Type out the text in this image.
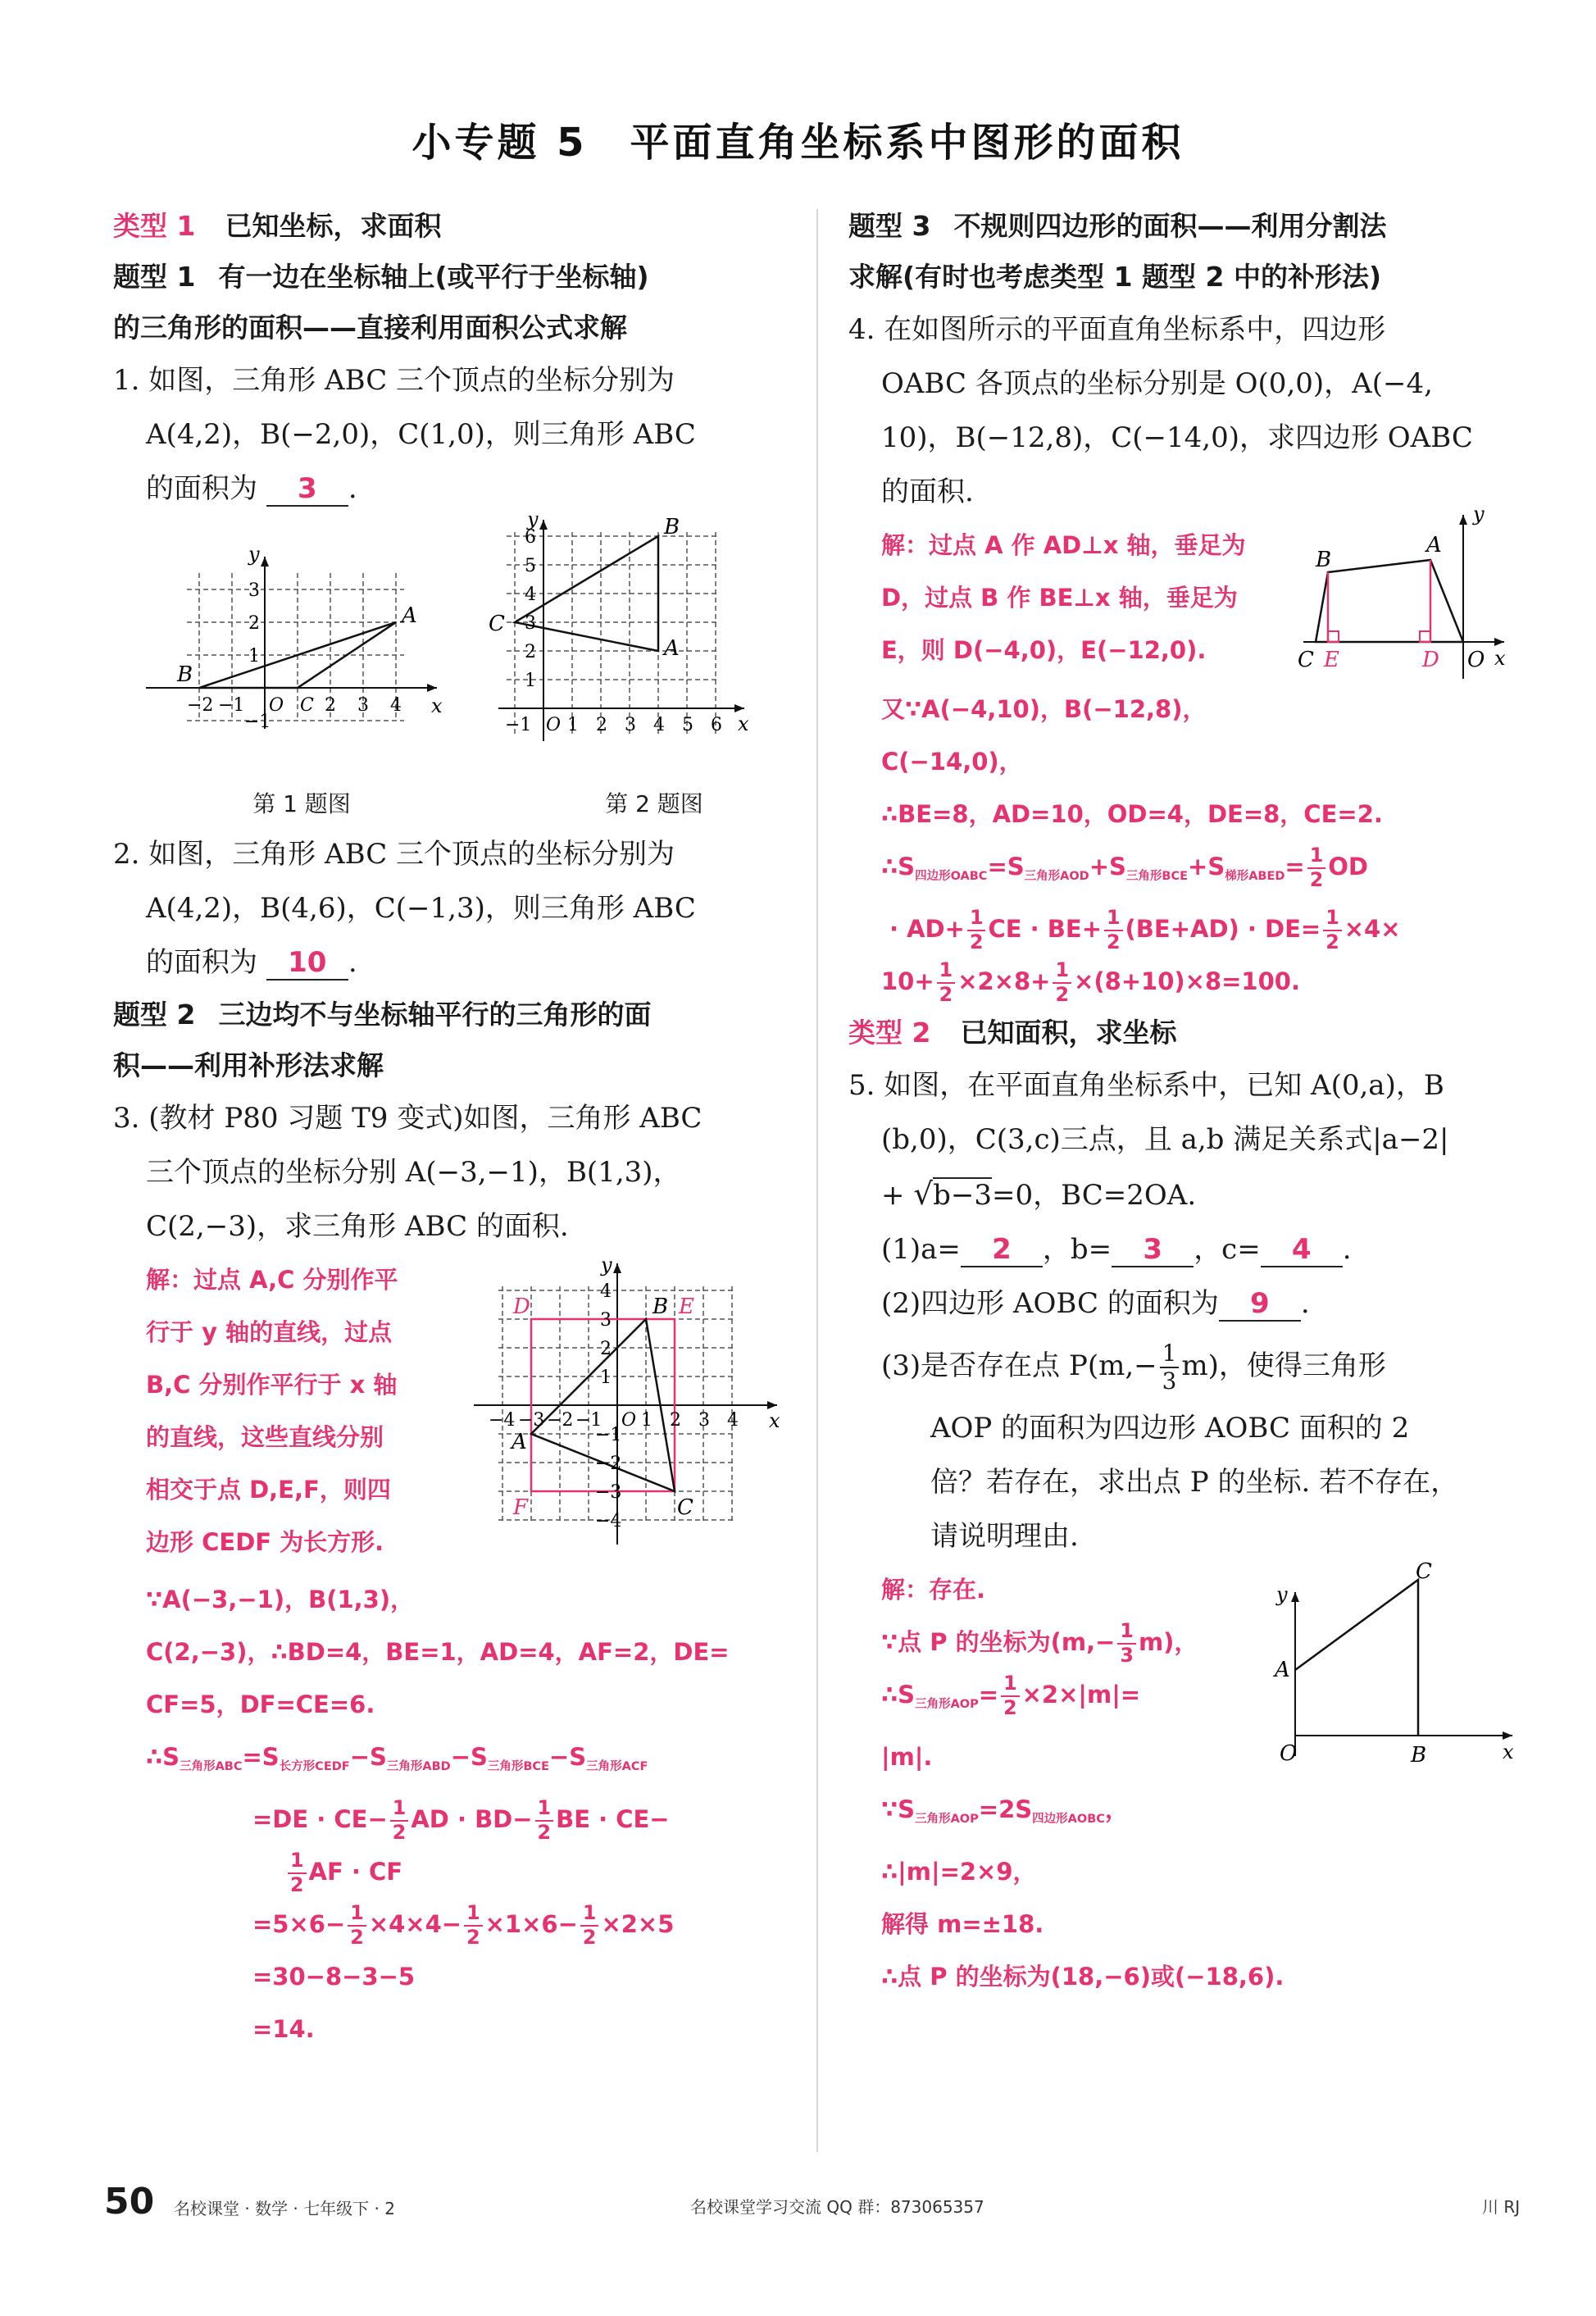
小专题 5　平面直角坐标系中图形的面积
类型 1 已知坐标，求面积
题型 1 有一边在坐标轴上(或平行于坐标轴)
的三角形的面积——直接利用面积公式求解
1. 如图，三角形 ABC 三个顶点的坐标分别为
A(4,2)，B(−2,0)，C(1,0)，则三角形 ABC
的面积为 3 .
x
y
A
B
−2 −1 O C 2 3 4
3
2
1
−1
第 1 题图
x
y
A
B
C
−1 O 1 2 3 4 5 6
6
5
4
3
2
1
第 2 题图
2. 如图，三角形 ABC 三个顶点的坐标分别为
A(4,2)，B(4,6)，C(−1,3)，则三角形 ABC
的面积为 10 .
题型 2 三边均不与坐标轴平行的三角形的面
积——利用补形法求解
3. (教材 P80 习题 T9 变式)如图，三角形 ABC
三个顶点的坐标分别 A(−3,−1)，B(1,3)，
C(2,−3)，求三角形 ABC 的面积.
解：过点 A,C 分别作平
行于 y 轴的直线，过点
B,C 分别作平行于 x 轴
的直线，这些直线分别
相交于点 D,E,F，则四
边形 CEDF 为长方形.
D	B E
A
F	C
O	x
y
−4 −3 −2 −1 1 2 3 4
4
3
2
1
−1
−2
−3
−4
∵A(−3,−1)，B(1,3)，
C(2,−3)，∴BD=4，BE=1，AD=4，AF=2，DE=
CF=5，DF=CE=6.
$\therefore S_{三角形ABC}=S_{长方形CEDF}-S_{三角形ABD}-S_{三角形BCE}-S_{三角形ACF}$
$=DE \cdot CE- \frac{1}{2}$ AD · $BD- \frac{1}{2}$ BE · CE−
$\frac{1}{2}$ AF · CF
$=5\times 6- \frac{1}{2} \times 4\times 4- \frac{1}{2} \times 1\times 6- \frac{1}{2} \times 2\times 5$
=30−8−3−5
=14.
题型 3 不规则四边形的面积——利用分割法
求解(有时也考虑类型 1 题型 2 中的补形法)
4. 在如图所示的平面直角坐标系中，四边形
OABC 各顶点的坐标分别是 O(0,0)，A(−4,
10)，B(−12,8)，C(−14,0)，求四边形 OABC
的面积.
解：过点 A 作 AD⊥x 轴，垂足为
D，过点 B 作 BE⊥x 轴，垂足为
E，则 D(−4,0)，E(−12,0).
B
A
C E	D O x
y
又∵A(−4,10)，B(−12,8)，
C(−14,0)，
∴BE=8，AD=10，OD=4，DE=8，CE=2.
$\therefore S_{四边形OABC}=S_{三角形AOD}+S_{三角形BCE}+S_{梯形ABED}= \frac{1}{2}$ OD
· $AD+ \frac{1}{2}$ CE · $BE+ \frac{1}{2} (BE+AD) \cdot DE= \frac{1}{2} \times 4\times$
$10+ \frac{1}{2} \times 2\times 8+ \frac{1}{2} \times(8+10)\times 8=100$.
类型 2 已知面积，求坐标
5. 如图，在平面直角坐标系中，已知 A(0,a)，B
(b,0)，C(3,c)三点，且 a,b 满足关系式|a−2|
+ √b−3=0，BC=2OA.
(1)a= 2 ，b= 3 ，c= 4 .
(2)四边形 AOBC 的面积为 9 .
(3)是否存在点 $P(m,- \frac{1}{3} m)$，使得三角形
AOP 的面积为四边形 AOBC 面积的 2
倍？若存在，求出点 P 的坐标. 若不存在，
请说明理由.
解：存在.
∵点 P 的坐标为$(m,- \frac{1}{3} m)$，
$\therefore S_{三角形AOP}= \frac{1}{2} \times 2\times|m|=$
|m|.
$\because S_{三角形AOP}=2S_{四边形AOBC}$，
∴|m|=2×9，
解得 m=±18.
∴点 P 的坐标为(18,−6)或(−18,6).
A
C
O	B	x
y
50 名校课堂 · 数学 · 七年级下 · 2	名校课堂学习交流 QQ 群：873065357	川 RJ
